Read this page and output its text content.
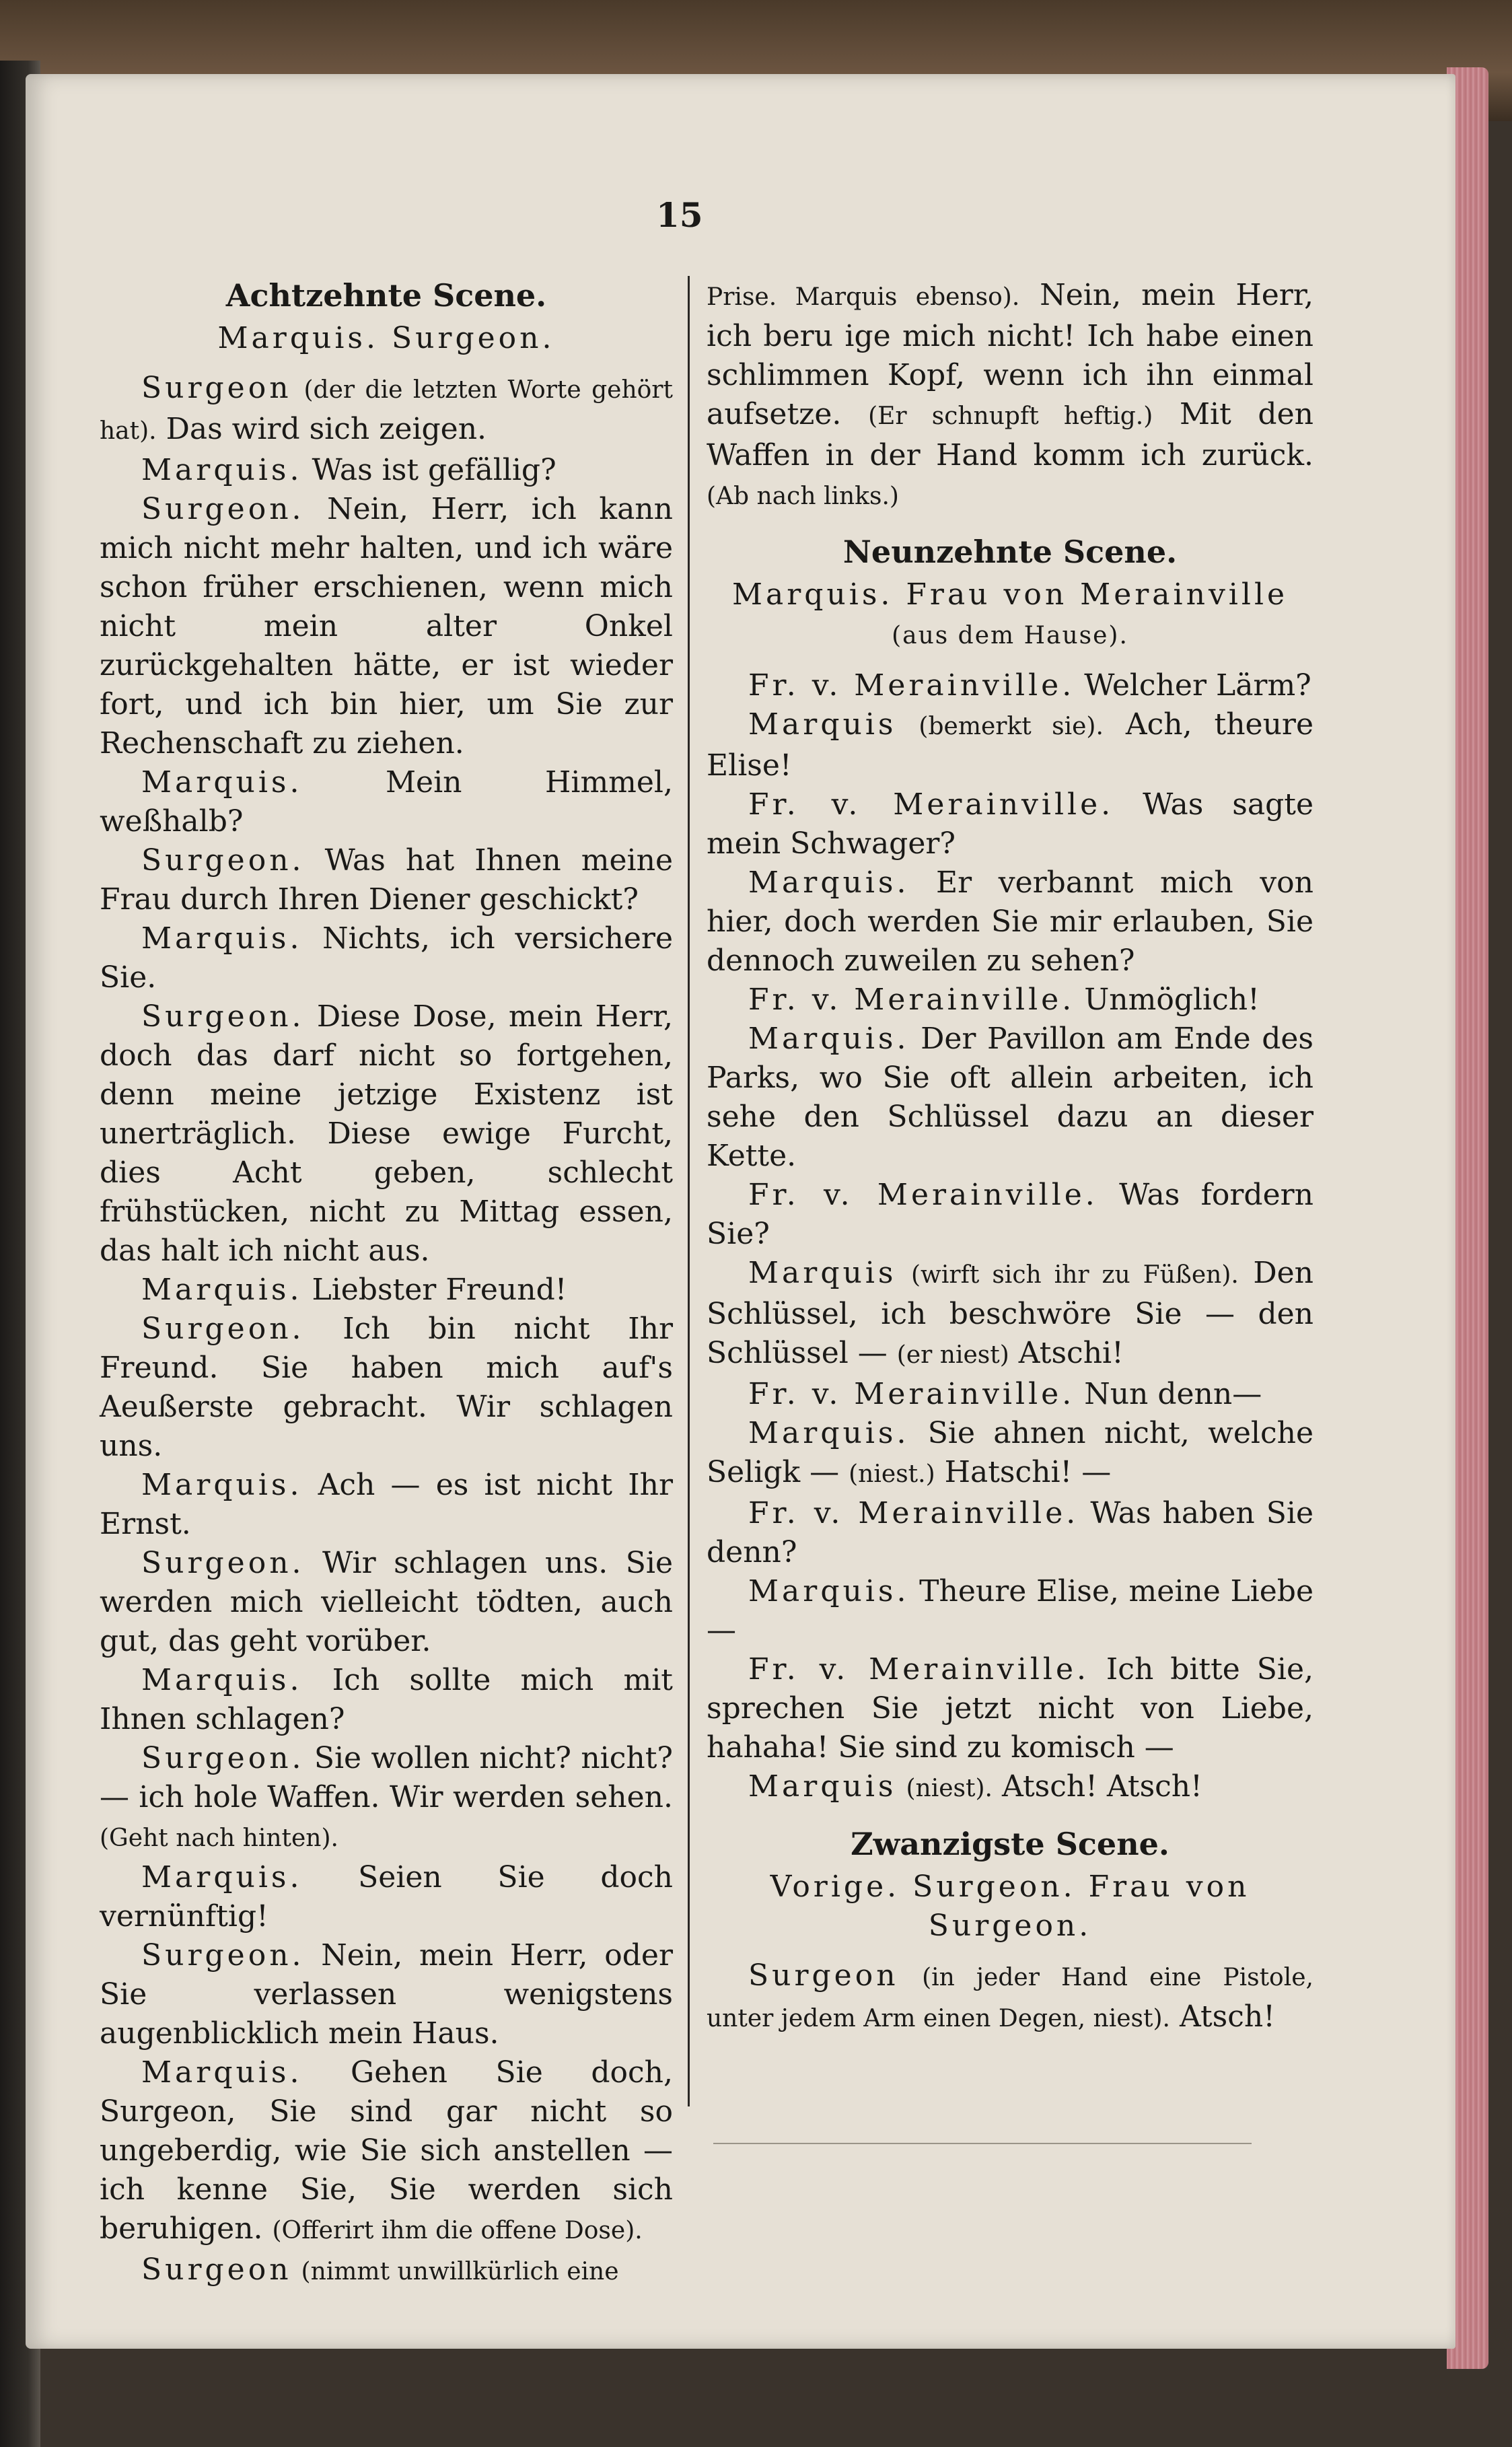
15
Achtzehnte Scene.
Marquis. Surgeon.

Surgeon (der die letzten Worte gehört hat). Das wird sich zeigen.

Marquis. Was ist gefällig?

Surgeon. Nein, Herr, ich kann mich nicht mehr halten, und ich wäre schon früher erschienen, wenn mich nicht mein alter Onkel zurückgehalten hätte, er ist wieder fort, und ich bin hier, um Sie zur Rechenschaft zu ziehen.

Marquis.	Mein Himmel, weßhalb?

Surgeon. Was hat Ihnen meine Frau durch Ihren Diener geschickt?

Marquis. Nichts, ich versichere Sie.

Surgeon. Diese Dose, mein Herr, doch das darf nicht so fortgehen, denn meine jetzige Existenz ist unerträglich. Diese ewige Furcht, dies Acht geben, schlecht frühstücken, nicht zu Mittag essen, das halt ich nicht aus.

Marquis. Liebster Freund!

Surgeon. Ich bin nicht Ihr Freund. Sie haben mich auf's Aeußerste gebracht. Wir schlagen uns.

Marquis. Ach — es ist nicht Ihr Ernst.

Surgeon. Wir schlagen uns. Sie werden mich vielleicht tödten, auch gut, das geht vorüber.

Marquis. Ich sollte mich mit Ihnen schlagen?

Surgeon. Sie wollen nicht? nicht? — ich hole Waffen. Wir werden sehen. (Geht nach hinten).

Marquis. Seien Sie doch vernünftig!

Surgeon. Nein, mein Herr, oder Sie verlassen wenigstens augenblicklich mein Haus.

Marquis. Gehen Sie doch, Surgeon, Sie sind gar nicht so ungeberdig, wie Sie sich anstellen — ich kenne Sie, Sie werden sich beruhigen. (Offerirt ihm die offene Dose).

Surgeon (nimmt unwillkürlich eine

Prise. Marquis ebenso). Nein, mein Herr, ich beru ige mich nicht! Ich habe einen schlimmen Kopf, wenn ich ihn einmal aufsetze. (Er schnupft heftig.) Mit den Waffen in der Hand komm ich zurück. (Ab nach links.)

Neunzehnte Scene.
Marquis. Frau von Merainville
(aus dem Hause).

Fr. v. Merainville. Welcher Lärm?

Marquis (bemerkt sie). Ach, theure Elise!

Fr. v. Merainville. Was sagte mein Schwager?

Marquis. Er verbannt mich von hier, doch werden Sie mir erlauben, Sie dennoch zuweilen zu sehen?

Fr. v. Merainville. Unmöglich!

Marquis. Der Pavillon am Ende des Parks, wo Sie oft allein arbeiten, ich sehe den Schlüssel dazu an dieser Kette.

Fr. v. Merainville. Was fordern Sie?

Marquis (wirft sich ihr zu Füßen). Den Schlüssel, ich beschwöre Sie — den Schlüssel — (er niest) Atschi!

Fr. v. Merainville. Nun denn—

Marquis. Sie ahnen nicht, welche Seligk — (niest.) Hatschi! —

Fr. v. Merainville. Was haben Sie denn?

Marquis. Theure Elise, meine Liebe —

Fr. v. Merainville. Ich bitte Sie, sprechen Sie jetzt nicht von Liebe, hahaha! Sie sind zu komisch —

Marquis (niest). Atsch! Atsch!

Zwanzigste Scene.
Vorige. Surgeon. Frau von Surgeon.

Surgeon (in jeder Hand eine Pistole, unter jedem Arm einen Degen, niest). Atsch!
